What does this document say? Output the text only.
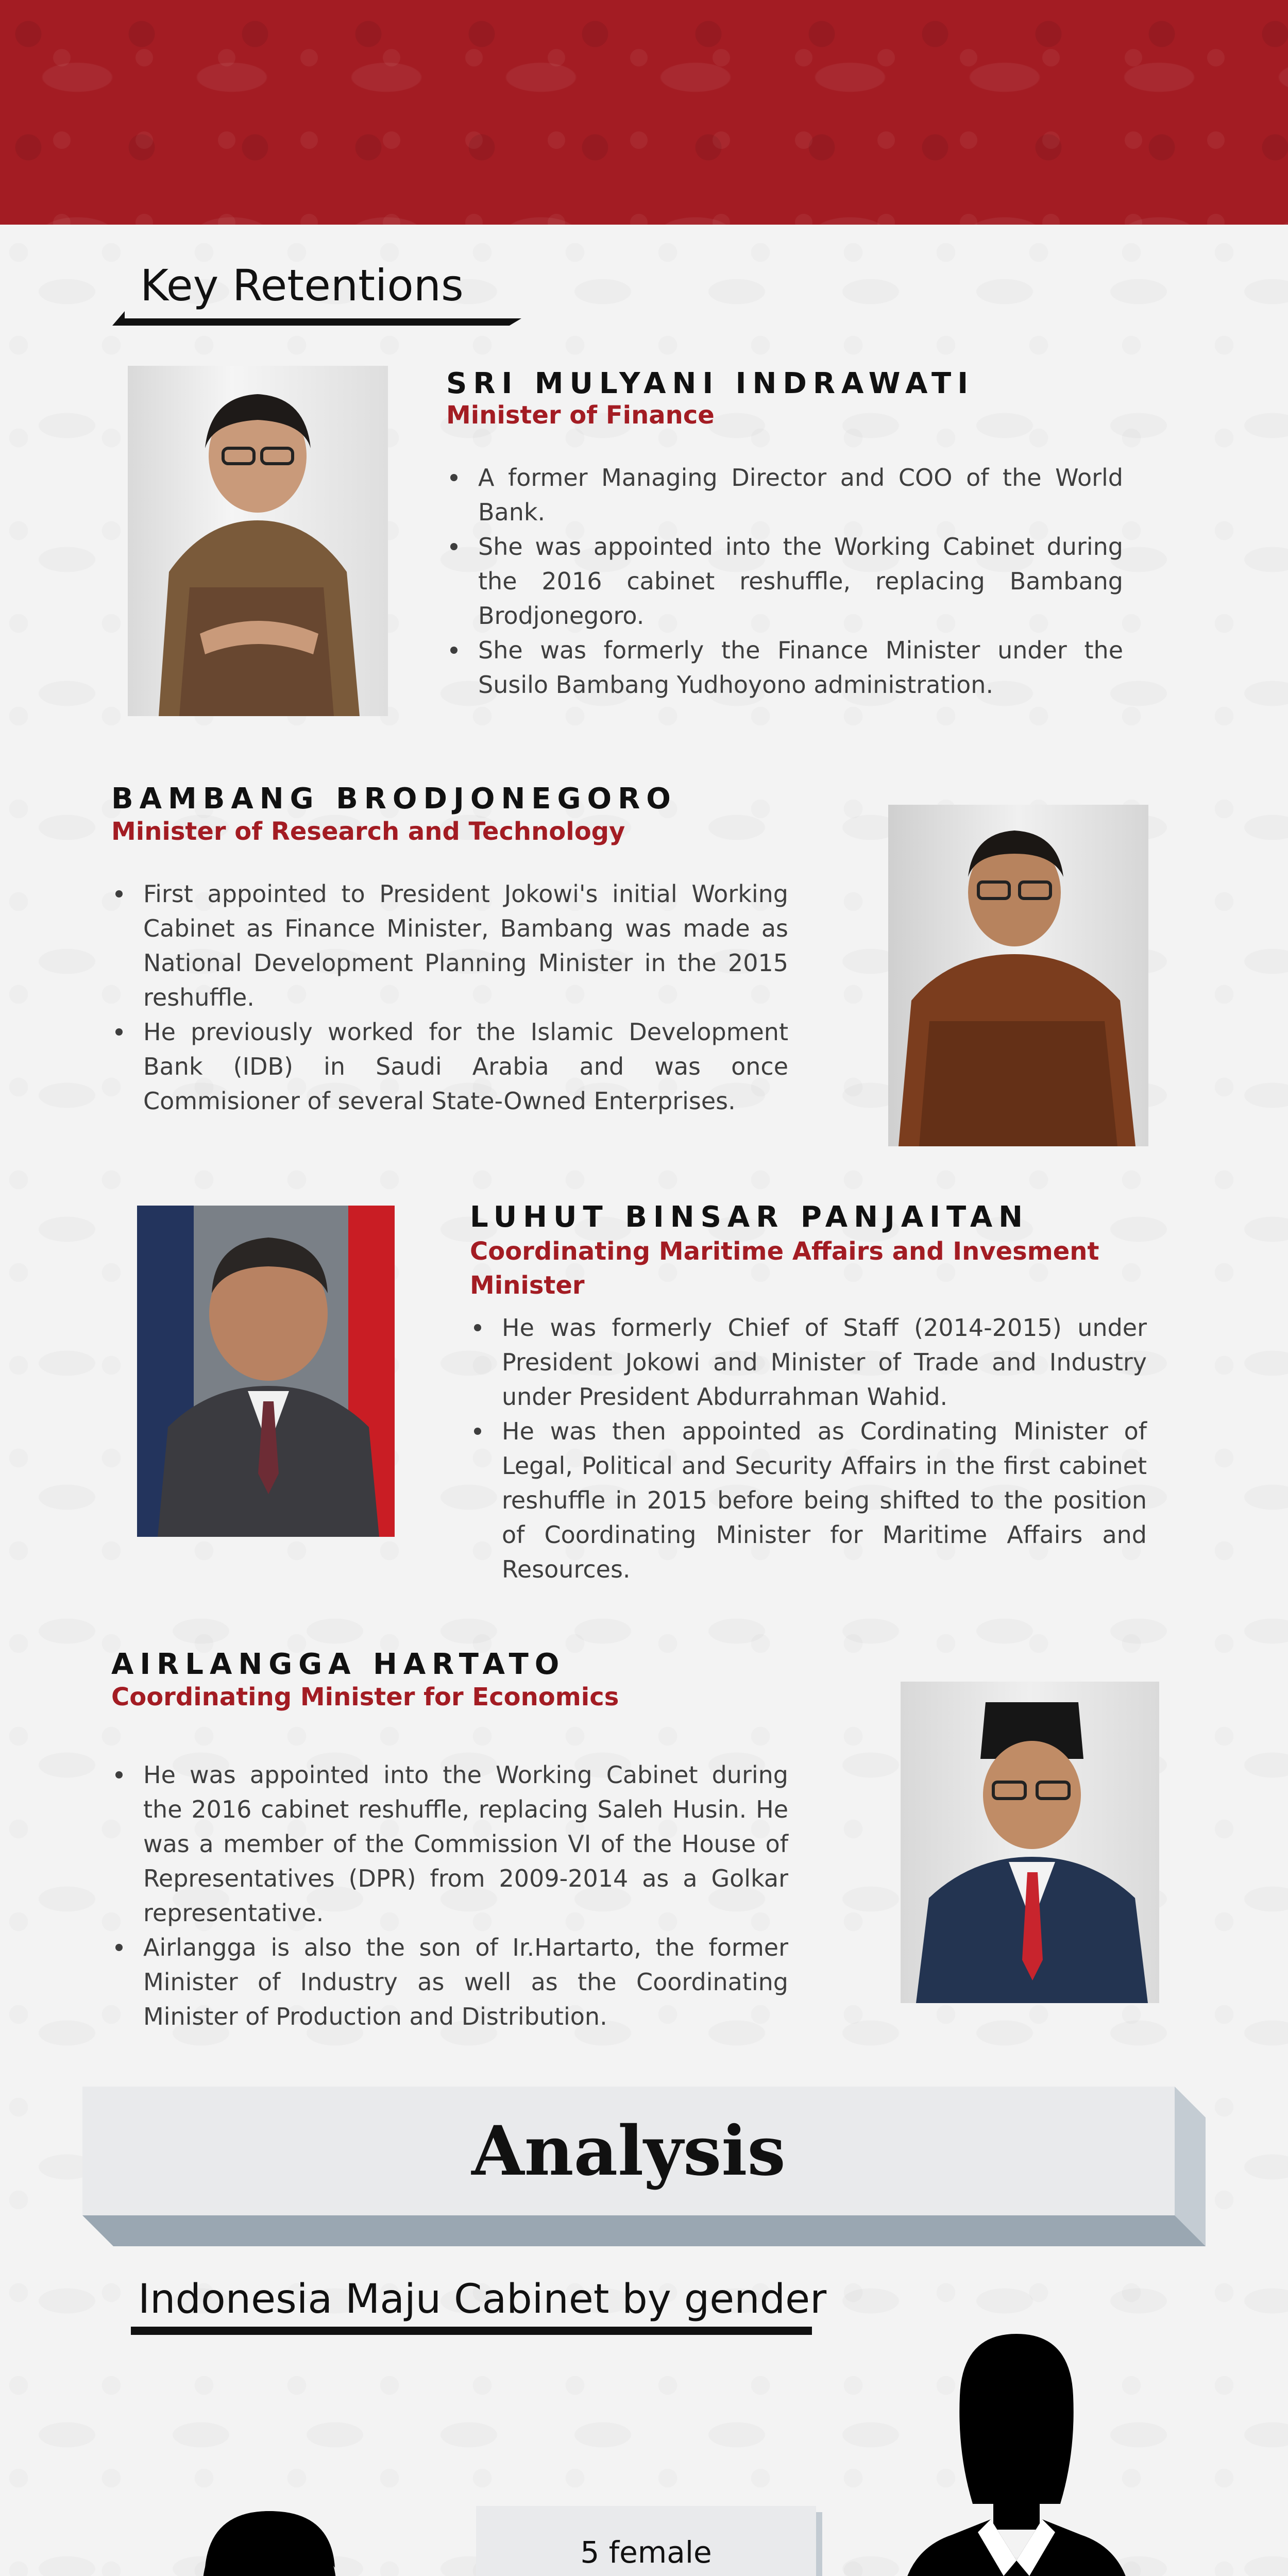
Key Retentions
SRI MULYANI INDRAWATI
Minister of Finance
A former Managing Director and COO of the World Bank.
She was appointed into the Working Cabinet during the 2016 cabinet reshuffle, replacing Bambang Brodjonegoro.
She was formerly the Finance Minister under the Susilo Bambang Yudhoyono administration.
BAMBANG BRODJONEGORO
Minister of Research and Technology
First appointed to President Jokowi's initial Working Cabinet as Finance Minister, Bambang was made as National Development Planning Minister in the 2015 reshuffle.
He previously worked for the Islamic Development Bank (IDB) in Saudi Arabia and was once Commisioner of several State-Owned Enterprises.
LUHUT BINSAR PANJAITAN
Coordinating Maritime Affairs and Invesment Minister
He was formerly Chief of Staff (2014-2015) under President Jokowi and Minister of Trade and Industry under President Abdurrahman Wahid.
He was then appointed as Cordinating Minister of Legal, Political and Security Affairs in the first cabinet reshuffle in 2015 before being shifted to the position of Coordinating Minister for Maritime Affairs and Resources.
AIRLANGGA HARTATO
Coordinating Minister for Economics
He was appointed into the Working Cabinet during the 2016 cabinet reshuffle, replacing Saleh Husin. He was a member of the Commission VI of the House of Representatives (DPR) from 2009-2014 as a Golkar representative.
Airlangga is also the son of Ir.Hartarto, the former Minister of Industry as well as the Coordinating Minister of Production and Distribution.
Analysis
Indonesia Maju Cabinet by gender
5 female
